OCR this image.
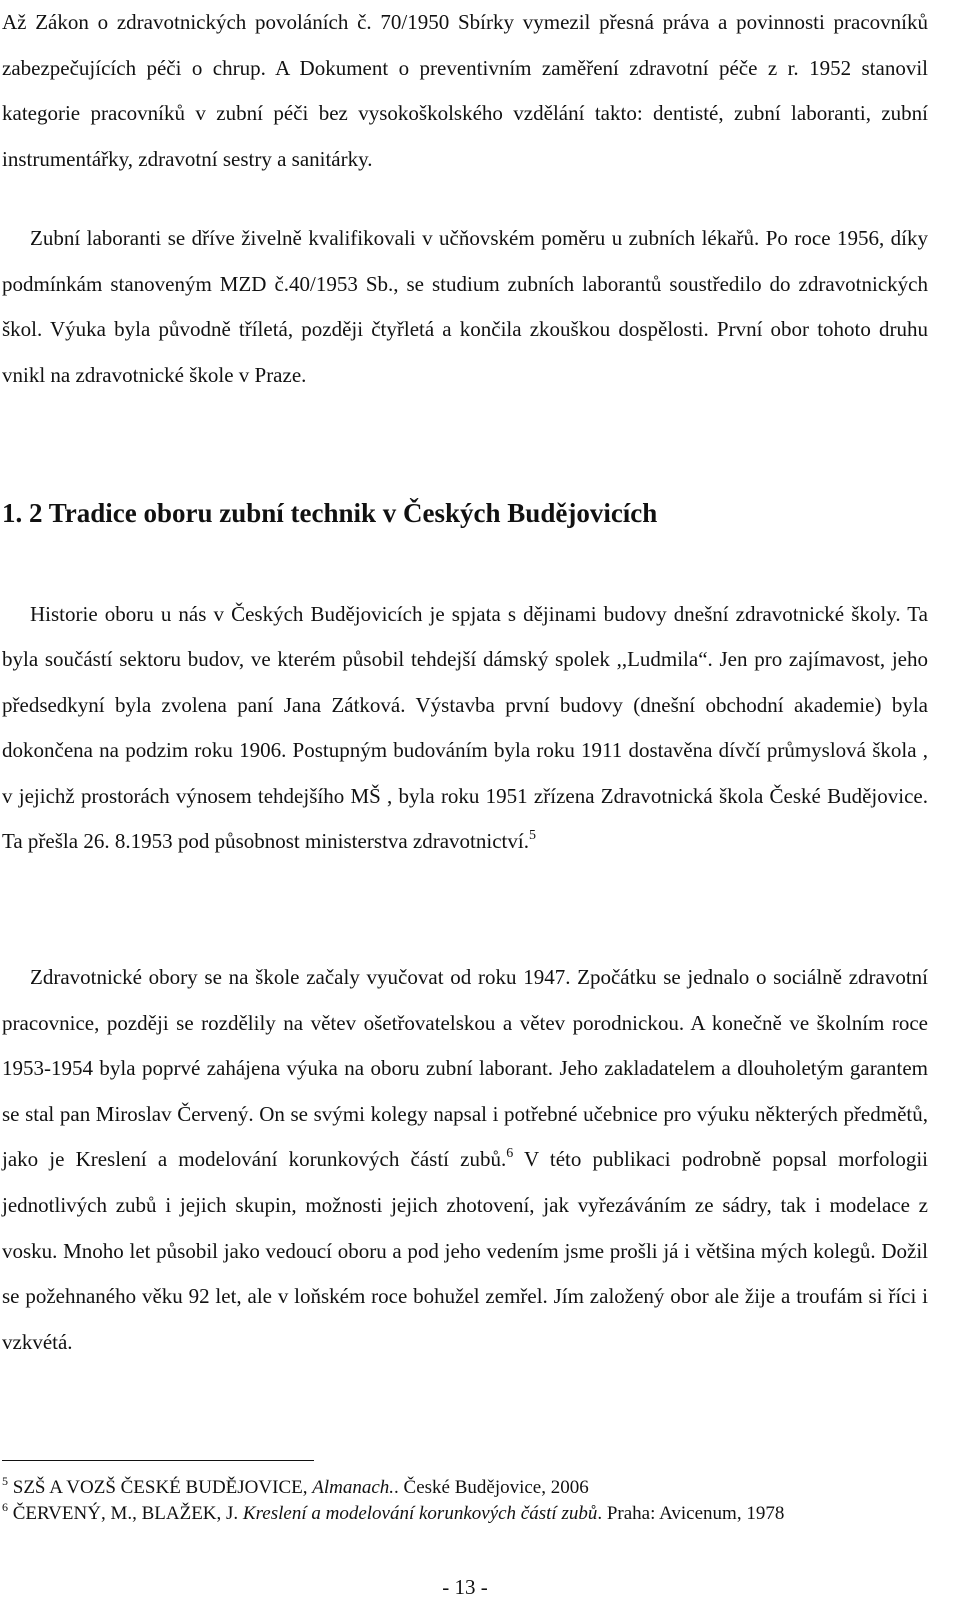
Až Zákon o zdravotnických povoláních č. 70/1950 Sbírky vymezil přesná práva a povinnosti pracovníků zabezpečujících péči o chrup. A Dokument o preventivním zaměření zdravotní péče z r. 1952 stanovil kategorie pracovníků v zubní péči bez vysokoškolského vzdělání takto: dentisté, zubní laboranti, zubní instrumentářky, zdravotní sestry a sanitárky.

Zubní laboranti se dříve živelně kvalifikovali v učňovském poměru u zubních lékařů. Po roce 1956, díky podmínkám stanoveným MZD č.40/1953 Sb., se studium zubních laborantů soustředilo do zdravotnických škol. Výuka byla původně tříletá, později čtyřletá a končila zkouškou dospělosti. První obor tohoto druhu vnikl na zdravotnické škole v Praze.

1. 2 Tradice oboru zubní technik v Českých Budějovicích

Historie oboru u nás v Českých Budějovicích je spjata s dějinami budovy dnešní zdravotnické školy. Ta byla součástí sektoru budov, ve kterém působil tehdejší dámský spolek ,,Ludmila“. Jen pro zajímavost, jeho předsedkyní byla zvolena paní Jana Zátková. Výstavba první budovy (dnešní obchodní akademie) byla dokončena na podzim roku 1906. Postupným budováním byla roku 1911 dostavěna dívčí průmyslová škola , v jejichž prostorách výnosem tehdejšího MŠ , byla roku 1951 zřízena Zdravotnická škola České Budějovice. Ta přešla 26. 8.1953 pod působnost ministerstva zdravotnictví.$^5$

Zdravotnické obory se na škole začaly vyučovat od roku 1947. Zpočátku se jednalo o sociálně zdravotní pracovnice, později se rozdělily na větev ošetřovatelskou a větev porodnickou. A konečně ve školním roce 1953-1954 byla poprvé zahájena výuka na oboru zubní laborant. Jeho zakladatelem a dlouholetým garantem se stal pan Miroslav Červený. On se svými kolegy napsal i potřebné učebnice pro výuku některých předmětů, jako je Kreslení a modelování korunkových částí zubů.$^6$ V této publikaci podrobně popsal morfologii jednotlivých zubů i jejich skupin, možnosti jejich zhotovení, jak vyřezáváním ze sádry, tak i modelace z vosku. Mnoho let působil jako vedoucí oboru a pod jeho vedením jsme prošli já i většina mých kolegů. Dožil se požehnaného věku 92 let, ale v loňském roce bohužel zemřel. Jím založený obor ale žije a troufám si říci i vzkvétá.

$^5$ SZŠ A VOZŠ ČESKÉ BUDĚJOVICE, Almanach.. České Budějovice, 2006

$^6$ ČERVENÝ, M., BLAŽEK, J. Kreslení a modelování korunkových částí zubů. Praha: Avicenum, 1978

- 13 -
